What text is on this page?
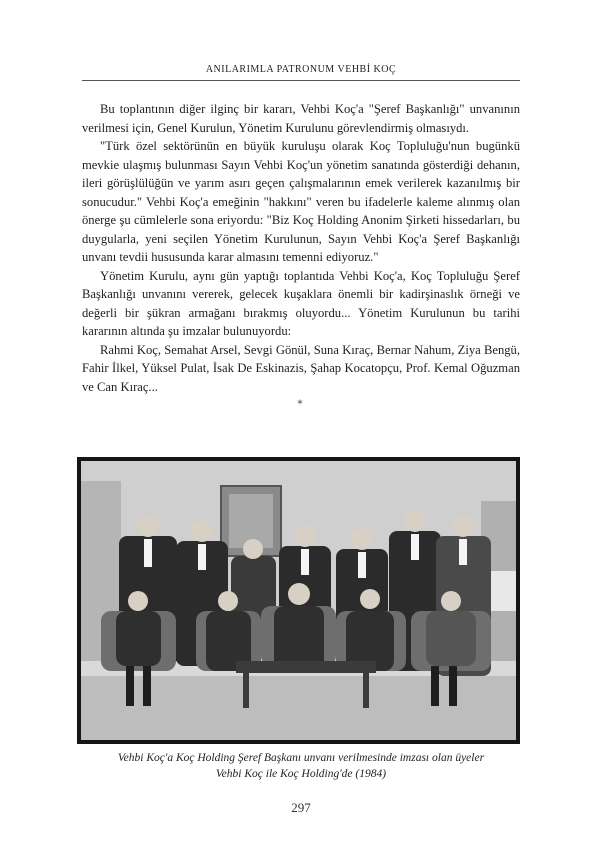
ANILARIMLA PATRONUM VEHBİ KOÇ

Bu toplantının diğer ilginç bir kararı, Vehbi Koç'a "Şeref Başkanlığı" unvanının verilmesi için, Genel Kurulun, Yönetim Kurulunu görevlendirmiş olmasıydı.

"Türk özel sektörünün en büyük kuruluşu olarak Koç Topluluğu'nun bugünkü mevkie ulaşmış bulunması Sayın Vehbi Koç'un yönetim sanatında gösterdiği dehanın, ileri görüşlülüğün ve yarım asırı geçen çalışmalarının emek verilerek kazanılmış bir sonucudur." Vehbi Koç'a emeğinin "hakkını" veren bu ifadelerle kaleme alınmış olan önerge şu cümlelerle sona eriyordu: "Biz Koç Holding Anonim Şirketi hissedarları, bu duygularla, yeni seçilen Yönetim Kurulunun, Sayın Vehbi Koç'a Şeref Başkanlığı unvanı tevdii hususunda karar almasını temenni ediyoruz."

Yönetim Kurulu, aynı gün yaptığı toplantıda Vehbi Koç'a, Koç Topluluğu Şeref Başkanlığı unvanını vererek, gelecek kuşaklara önemli bir kadirşinaslık örneği ve değerli bir şükran armağanı bırakmış oluyordu... Yönetim Kurulunun bu tarihi kararının altında şu imzalar bulunuyordu:

Rahmi Koç, Semahat Arsel, Sevgi Gönül, Suna Kıraç, Bernar Nahum, Ziya Bengü, Fahir İlkel, Yüksel Pulat, İsak De Eskinazis, Şahap Kocatopçu, Prof. Kemal Oğuzman ve Can Kıraç...

*
Vehbi Koç'a Koç Holding Şeref Başkanı unvanı verilmesinde imzası olan üyeler
Vehbi Koç ile Koç Holding'de (1984)
297
